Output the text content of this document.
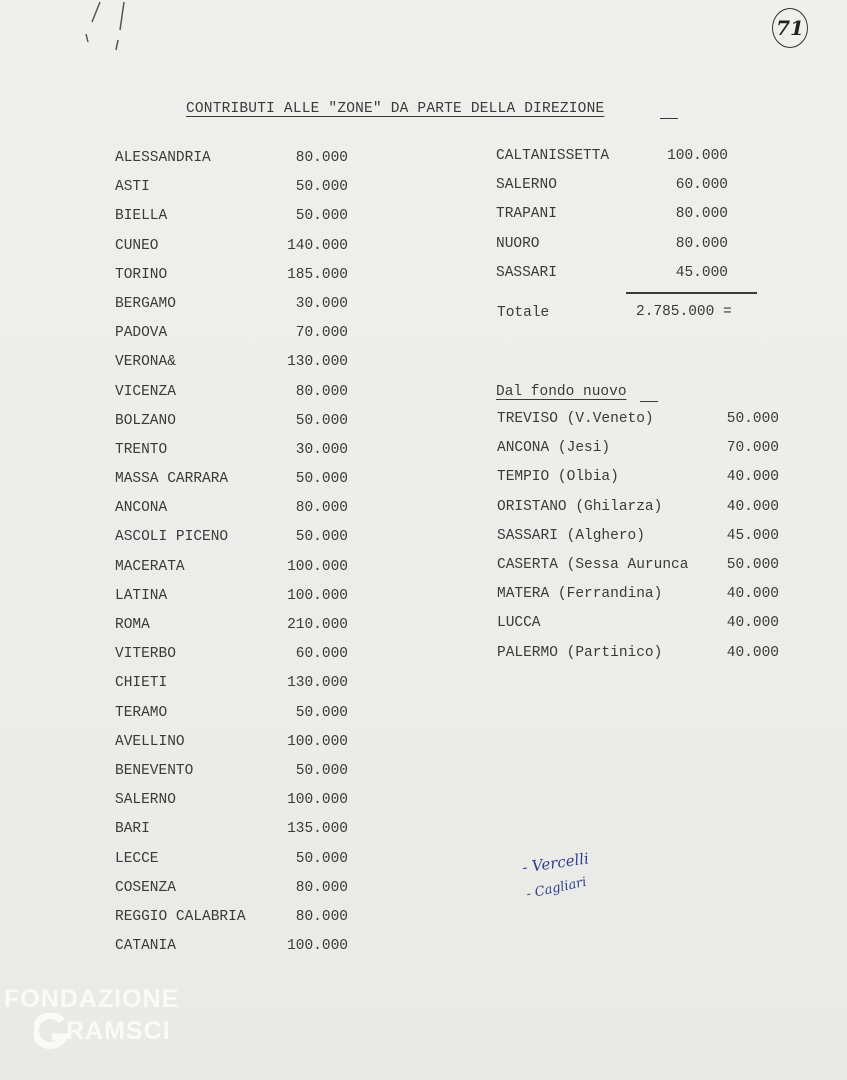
71
CONTRIBUTI ALLE "ZONE" DA PARTE DELLA DIREZIONE
ALESSANDRIA	80.000
ASTI	50.000
BIELLA	50.000
CUNEO	140.000
TORINO	185.000
BERGAMO	30.000
PADOVA	70.000
VERONA&	130.000
VICENZA	80.000
BOLZANO	50.000
TRENTO	30.000
MASSA CARRARA	50.000
ANCONA	80.000
ASCOLI PICENO	50.000
MACERATA	100.000
LATINA	100.000
ROMA	210.000
VITERBO	60.000
CHIETI	130.000
TERAMO	50.000
AVELLINO	100.000
BENEVENTO	50.000
SALERNO	100.000
BARI	135.000
LECCE	50.000
COSENZA	80.000
REGGIO CALABRIA	80.000
CATANIA	100.000
CALTANISSETTA	100.000
SALERNO	60.000
TRAPANI	80.000
NUORO	80.000
SASSARI	45.000
Totale	2.785.000 =
Dal fondo nuovo
TREVISO (V.Veneto)	50.000
ANCONA (Jesi)	70.000
TEMPIO (Olbia)	40.000
ORISTANO (Ghilarza)	40.000
SASSARI (Alghero)	45.000
CASERTA (Sessa Aurunca	50.000
MATERA (Ferrandina)	40.000
LUCCA	40.000
PALERMO (Partinico)	40.000
- Vercelli
- Cagliari
FONDAZIONE
RAMSCI
